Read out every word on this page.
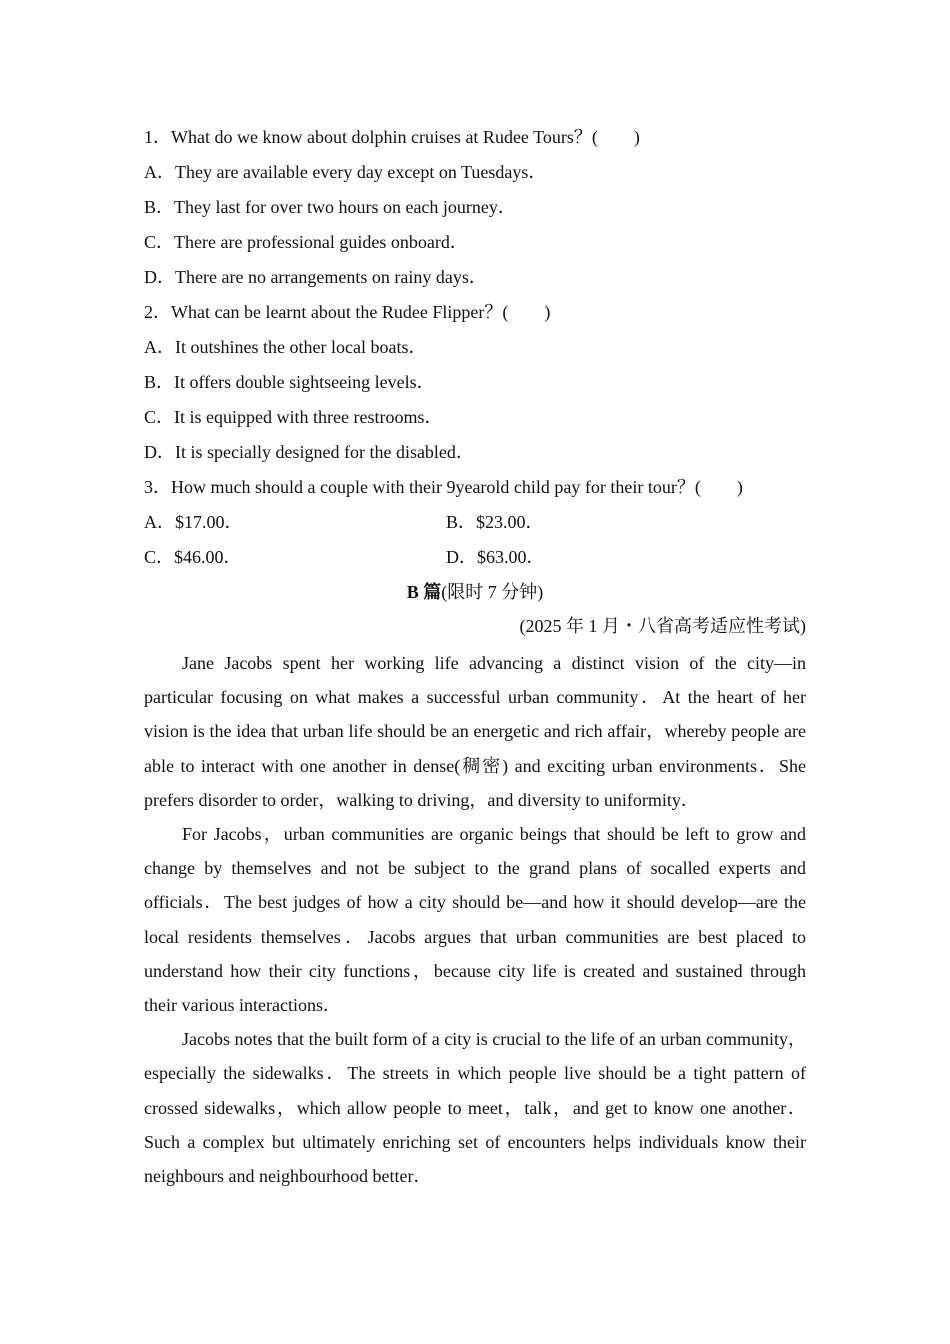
1．What do we know about dolphin cruises at Rudee Tours？(　　)
A．They are available every day except on Tuesdays．
B．They last for over two hours on each journey．
C．There are professional guides onboard．
D．There are no arrangements on rainy days．
2．What can be learnt about the Rudee Flipper？(　　)
A．It outshines the other local boats．
B．It offers double sightseeing levels．
C．It is equipped with three restrooms．
D．It is specially designed for the disabled．
3．How much should a couple with their 9yearold child pay for their tour？(　　)
A．$17.00．	B．$23.00．
C．$46.00．	D．$63.00．
B 篇(限时 7 分钟)
(2025 年 1 月・八省高考适应性考试)

Jane Jacobs spent her working life advancing a distinct vision of the city—in particular focusing on what makes a successful urban community．At the heart of her vision is the idea that urban life should be an energetic and rich affair，whereby people are able to interact with one another in dense(稠密) and exciting urban environments．She prefers disorder to order，walking to driving，and diversity to uniformity．

For Jacobs，urban communities are organic beings that should be left to grow and change by themselves and not be subject to the grand plans of socalled experts and officials．The best judges of how a city should be—and how it should develop—are the local residents themselves．Jacobs argues that urban communities are best placed to understand how their city functions，because city life is created and sustained through their various interactions．

Jacobs notes that the built form of a city is crucial to the life of an urban community，especially the sidewalks．The streets in which people live should be a tight pattern of crossed sidewalks，which allow people to meet，talk，and get to know one another．Such a complex but ultimately enriching set of encounters helps individuals know their neighbours and neighbourhood better．
